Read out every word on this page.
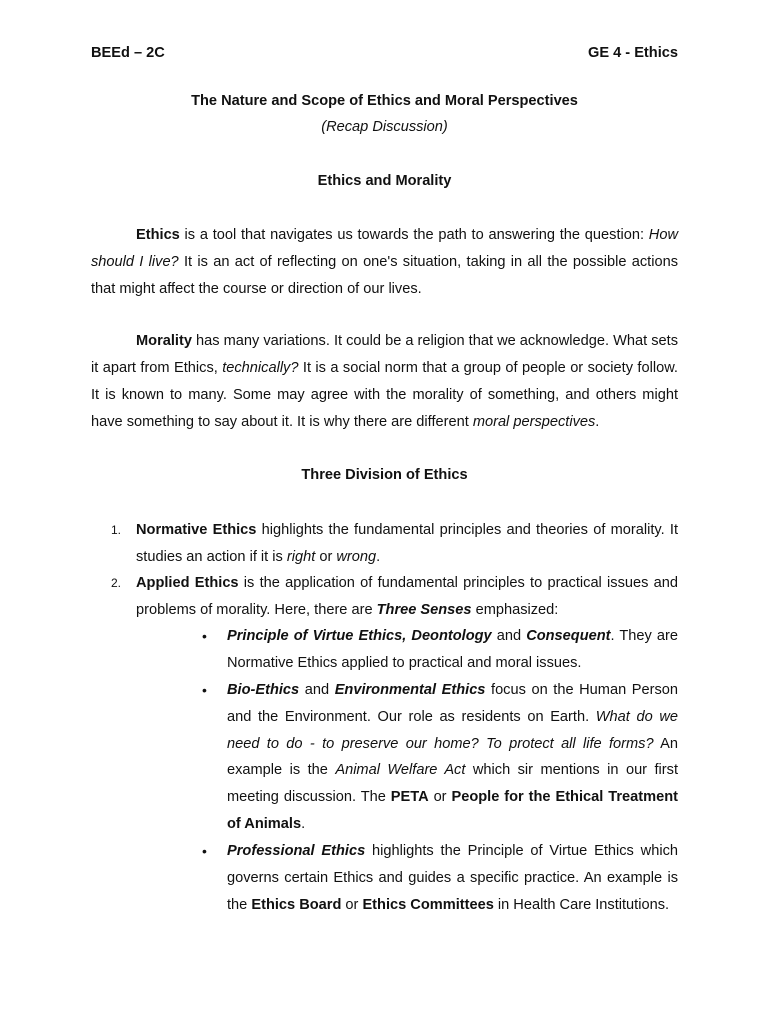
BEEd – 2C	GE 4 - Ethics
The Nature and Scope of Ethics and Moral Perspectives
(Recap Discussion)
Ethics and Morality
Ethics is a tool that navigates us towards the path to answering the question: How should I live? It is an act of reflecting on one's situation, taking in all the possible actions that might affect the course or direction of our lives.
Morality has many variations. It could be a religion that we acknowledge. What sets it apart from Ethics, technically? It is a social norm that a group of people or society follow. It is known to many. Some may agree with the morality of something, and others might have something to say about it. It is why there are different moral perspectives.
Three Division of Ethics
1. Normative Ethics highlights the fundamental principles and theories of morality. It studies an action if it is right or wrong.
2. Applied Ethics is the application of fundamental principles to practical issues and problems of morality. Here, there are Three Senses emphasized:
• Principle of Virtue Ethics, Deontology and Consequent. They are Normative Ethics applied to practical and moral issues.
• Bio-Ethics and Environmental Ethics focus on the Human Person and the Environment. Our role as residents on Earth. What do we need to do - to preserve our home? To protect all life forms? An example is the Animal Welfare Act which sir mentions in our first meeting discussion. The PETA or People for the Ethical Treatment of Animals.
• Professional Ethics highlights the Principle of Virtue Ethics which governs certain Ethics and guides a specific practice. An example is the Ethics Board or Ethics Committees in Health Care Institutions.
